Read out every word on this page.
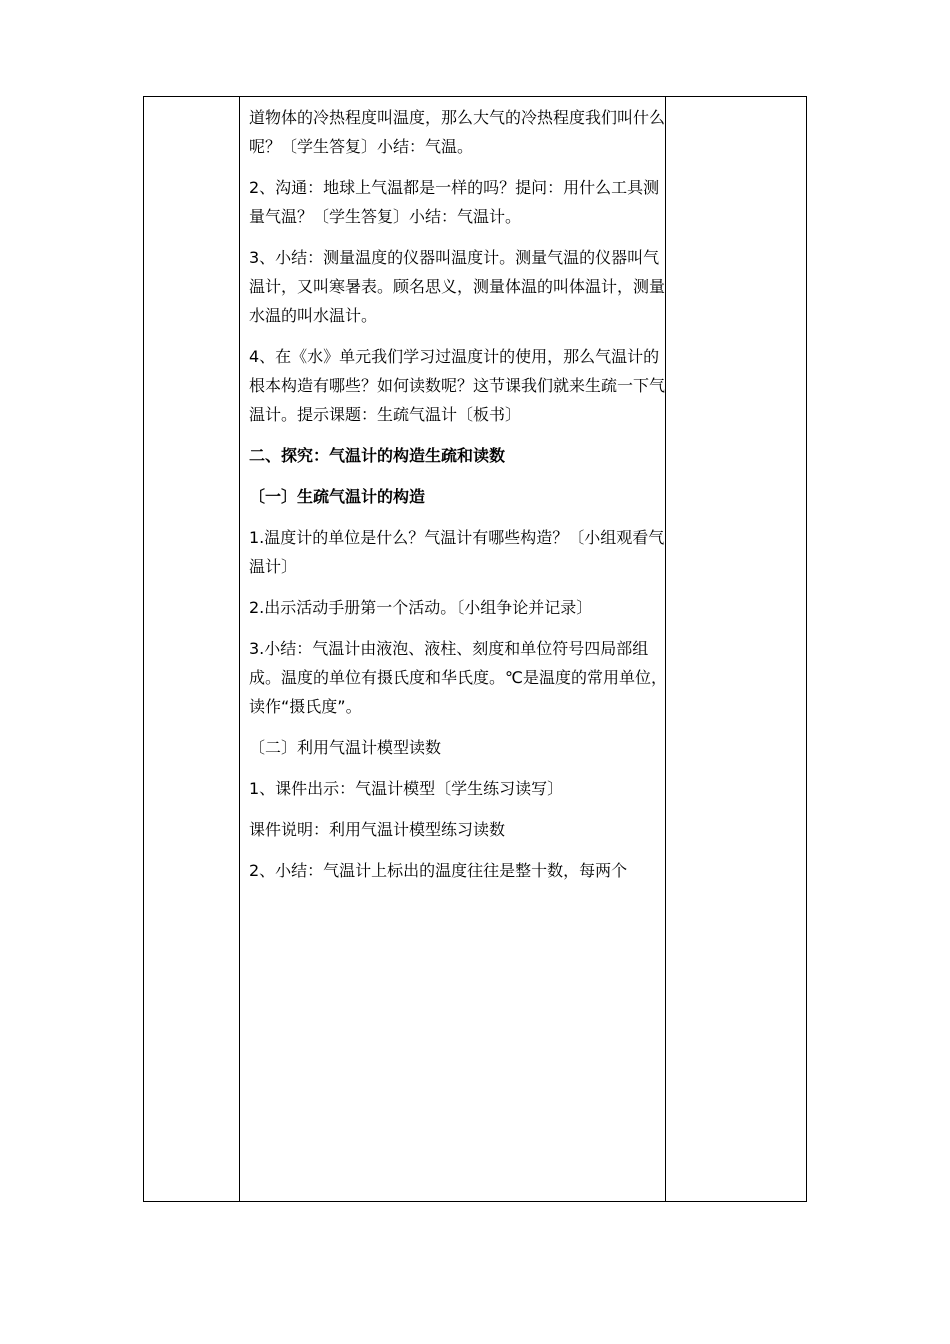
道物体的冷热程度叫温度，那么大气的冷热程度我们叫什么呢？〔学生答复〕小结：气温。

2、沟通：地球上气温都是一样的吗？提问：用什么工具测量气温？〔学生答复〕小结：气温计。

3、小结：测量温度的仪器叫温度计。测量气温的仪器叫气温计，又叫寒暑表。顾名思义，测量体温的叫体温计，测量水温的叫水温计。

4、在《水》单元我们学习过温度计的使用，那么气温计的根本构造有哪些？如何读数呢？这节课我们就来生疏一下气温计。提示课题：生疏气温计〔板书〕

二、探究：气温计的构造生疏和读数

〔一〕生疏气温计的构造

1.温度计的单位是什么？气温计有哪些构造？〔小组观看气温计〕

2.出示活动手册第一个活动。〔小组争论并记录〕

3.小结：气温计由液泡、液柱、刻度和单位符号四局部组成。温度的单位有摄氏度和华氏度。℃是温度的常用单位，读作“摄氏度”。

〔二〕利用气温计模型读数

1、课件出示：气温计模型〔学生练习读写〕

课件说明：利用气温计模型练习读数

2、小结：气温计上标出的温度往往是整十数，每两个
